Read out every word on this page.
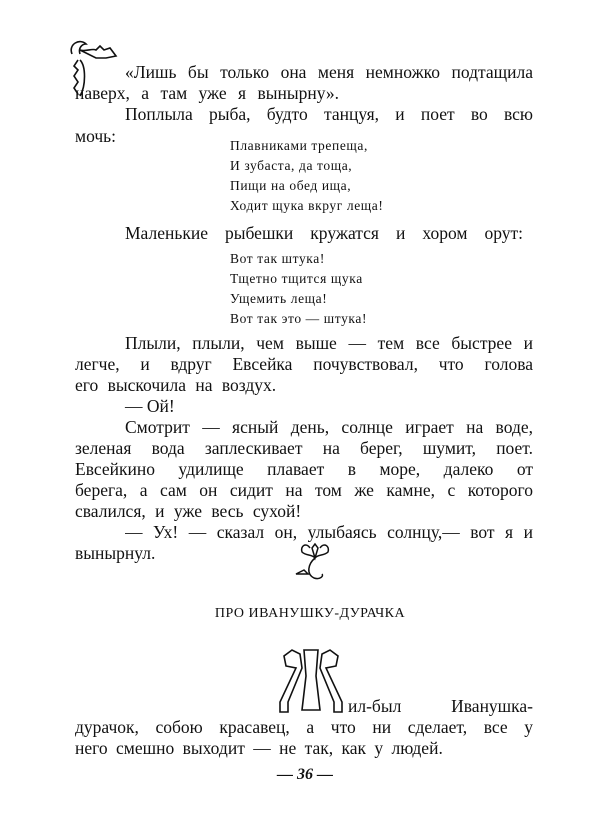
«Лишь бы только она меня немножко подтащила
наверх, а там уже я вынырну».
Поплыла рыба, будто танцуя, и поет во всю
мочь:	Плавниками трепеща,
И зубаста, да тоща,
Пищи на обед ища,
Ходит щука вкруг леща!
Маленькие рыбешки кружатся и хором орут:
Вот так штука!
Тщетно тщится щука
Ущемить леща!
Вот так это — штука!
Плыли, плыли, чем выше — тем все быстрее и
легче, и вдруг Евсейка почувствовал, что голова
его выскочила на воздух.
— Ой!
Смотрит — ясный день, солнце играет на воде,
зеленая вода заплескивает на берег, шумит, поет.
Евсейкино удилище плавает в море, далеко от
берега, а сам он сидит на том же камне, с которого
свалился, и уже весь сухой!
— Ух! — сказал он, улыбаясь солнцу,— вот я и
вынырнул.
ПРО ИВАНУШКУ-ДУРАЧКА
Ж
ил-был Иванушка-
дурачок, собою красавец, а что ни сделает, все у
него смешно выходит — не так, как у людей.
— 36 —
